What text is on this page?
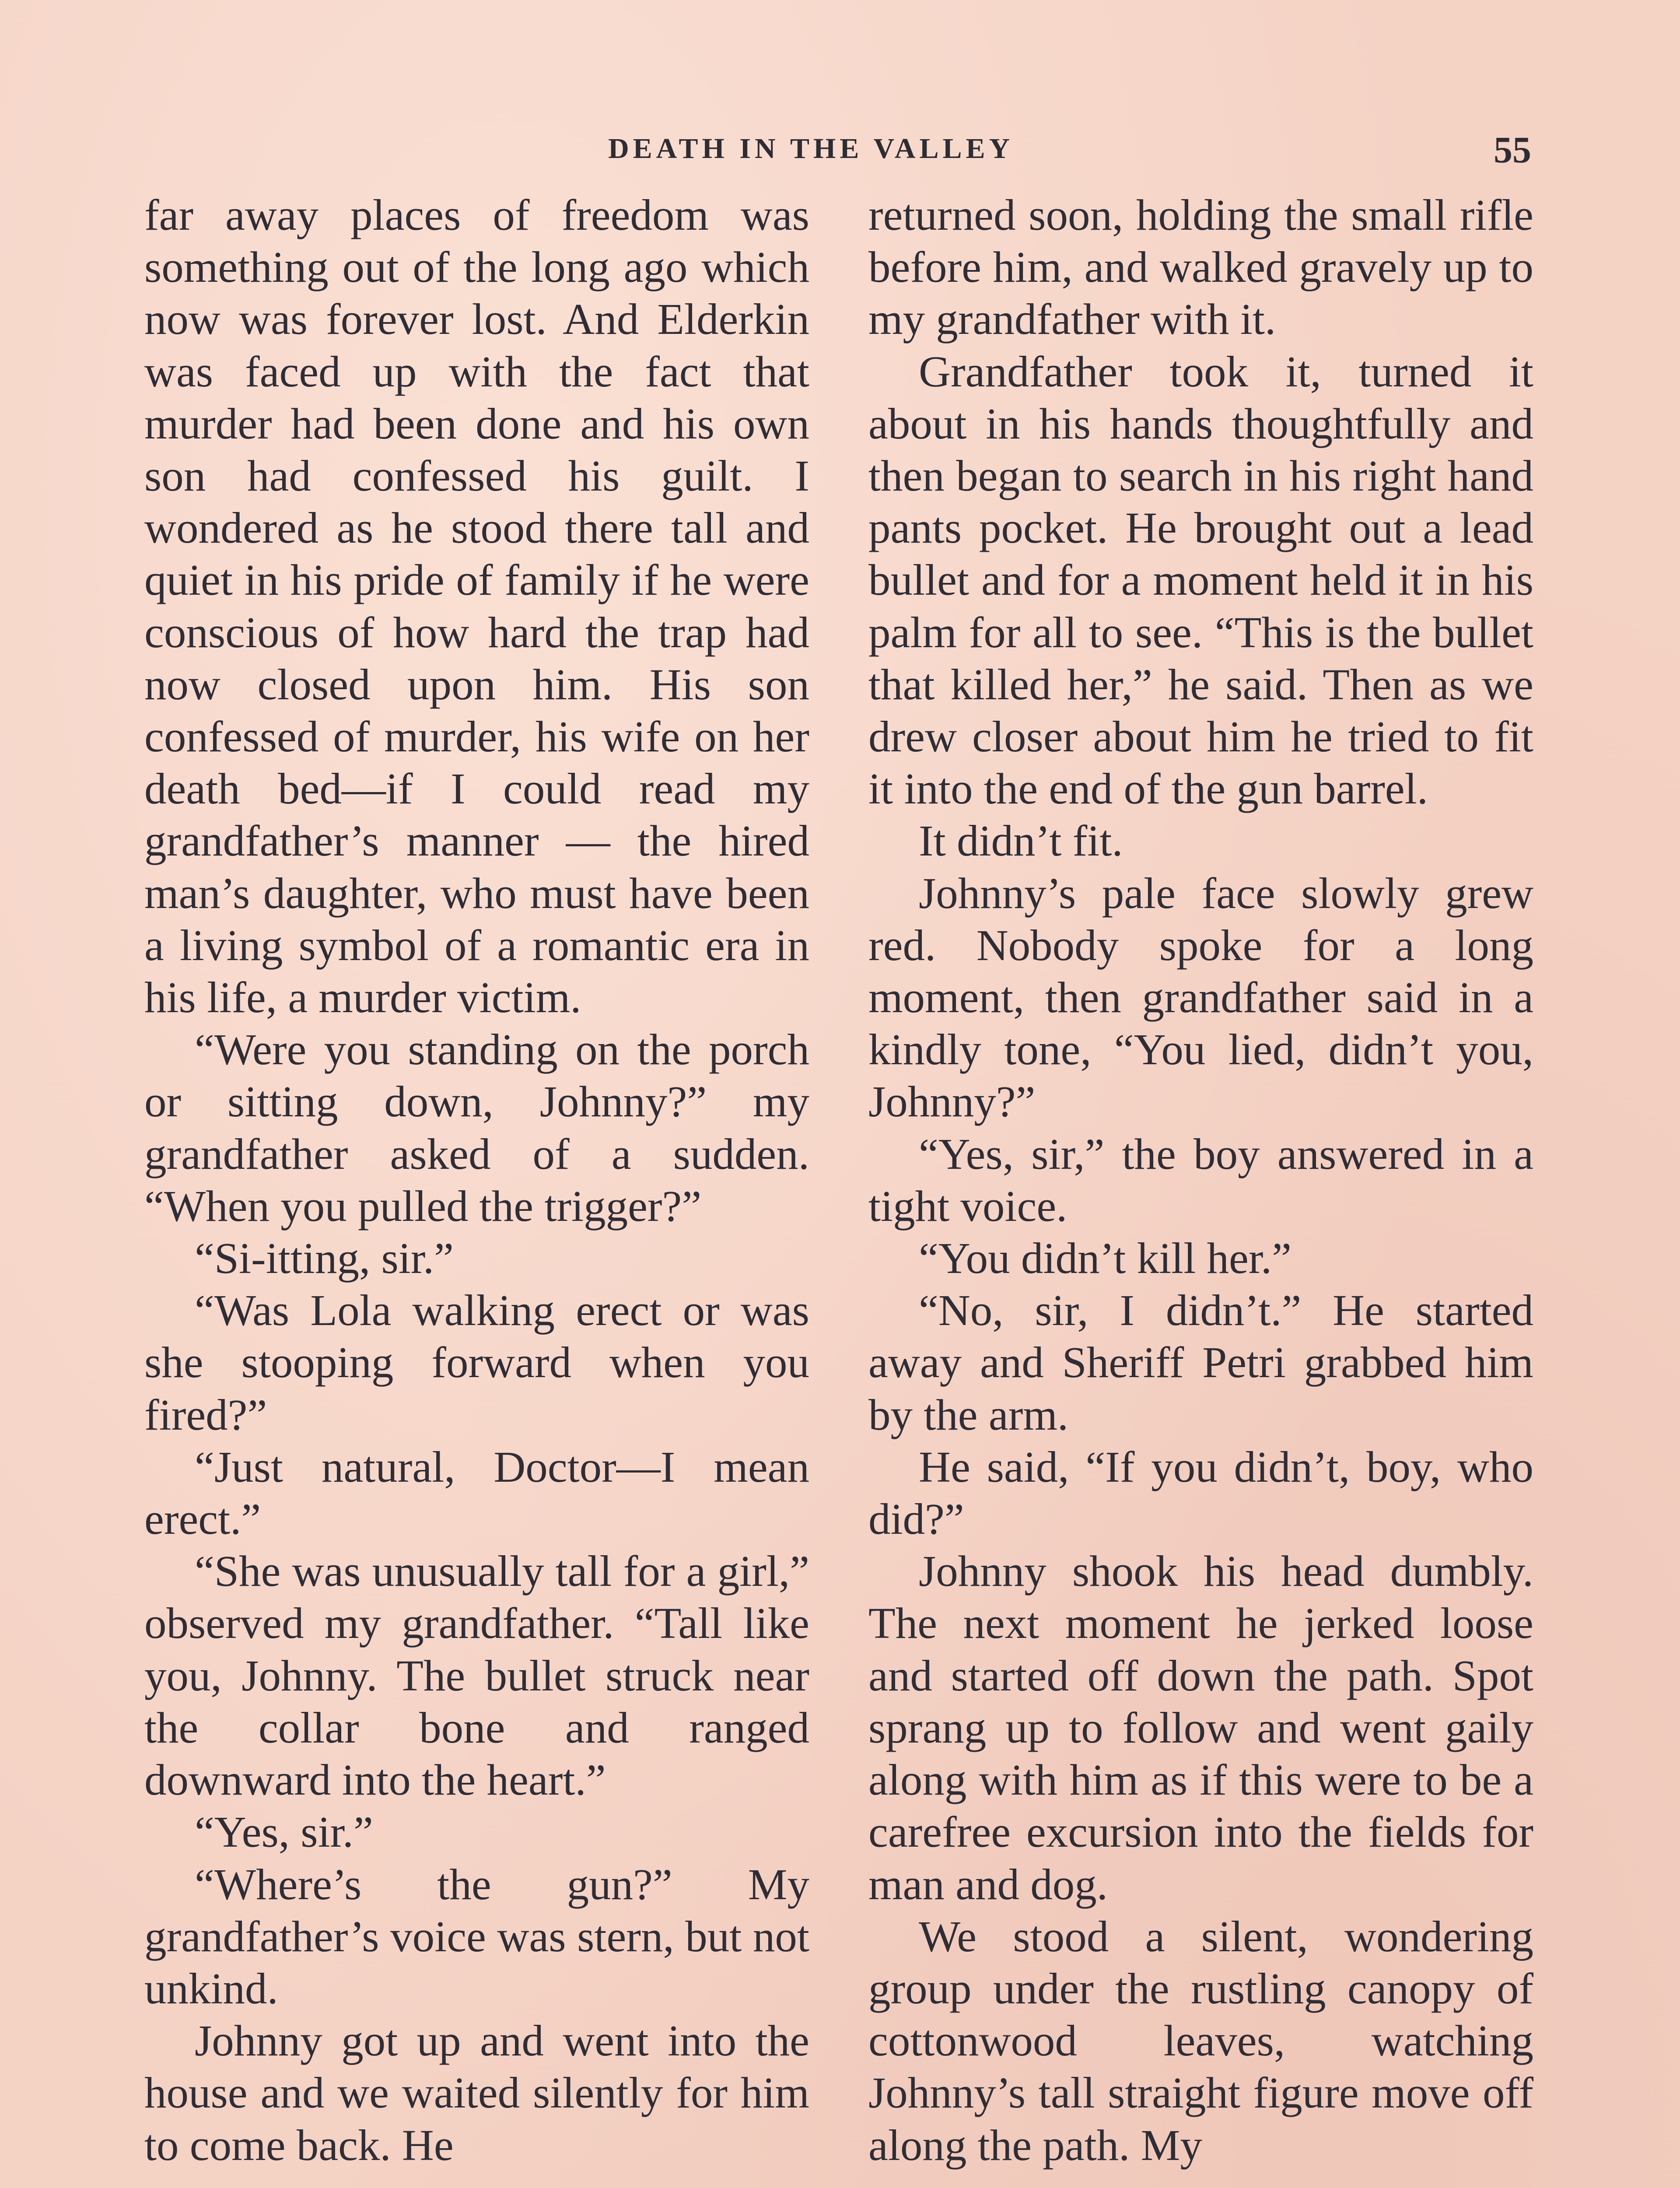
DEATH IN THE VALLEY	55

far away places of freedom was something out of the long ago which now was forever lost. And Elderkin was faced up with the fact that murder had been done and his own son had confessed his guilt. I wondered as he stood there tall and quiet in his pride of family if he were conscious of how hard the trap had now closed upon him. His son confessed of murder, his wife on her death bed—if I could read my grandfather’s manner — the hired man’s daughter, who must have been a living symbol of a romantic era in his life, a murder victim.

“Were you standing on the porch or sitting down, Johnny?” my grandfather asked of a sudden. “When you pulled the trigger?”

“Si-itting, sir.”

“Was Lola walking erect or was she stooping forward when you fired?”

“Just natural, Doctor—I mean erect.”

“She was unusually tall for a girl,” observed my grandfather. “Tall like you, Johnny. The bullet struck near the collar bone and ranged downward into the heart.”

“Yes, sir.”

“Where’s the gun?” My grandfather’s voice was stern, but not unkind.

Johnny got up and went into the house and we waited silently for him to come back. He

returned soon, holding the small rifle before him, and walked gravely up to my grandfather with it.

Grandfather took it, turned it about in his hands thoughtfully and then began to search in his right hand pants pocket. He brought out a lead bullet and for a moment held it in his palm for all to see. “This is the bullet that killed her,” he said. Then as we drew closer about him he tried to fit it into the end of the gun barrel.

It didn’t fit.

Johnny’s pale face slowly grew red. Nobody spoke for a long moment, then grandfather said in a kindly tone, “You lied, didn’t you, Johnny?”

“Yes, sir,” the boy answered in a tight voice.

“You didn’t kill her.”

“No, sir, I didn’t.” He started away and Sheriff Petri grabbed him by the arm.

He said, “If you didn’t, boy, who did?”

Johnny shook his head dumbly. The next moment he jerked loose and started off down the path. Spot sprang up to follow and went gaily along with him as if this were to be a carefree excursion into the fields for man and dog.

We stood a silent, wondering group under the rustling canopy of cottonwood leaves, watching Johnny’s tall straight figure move off along the path. My
